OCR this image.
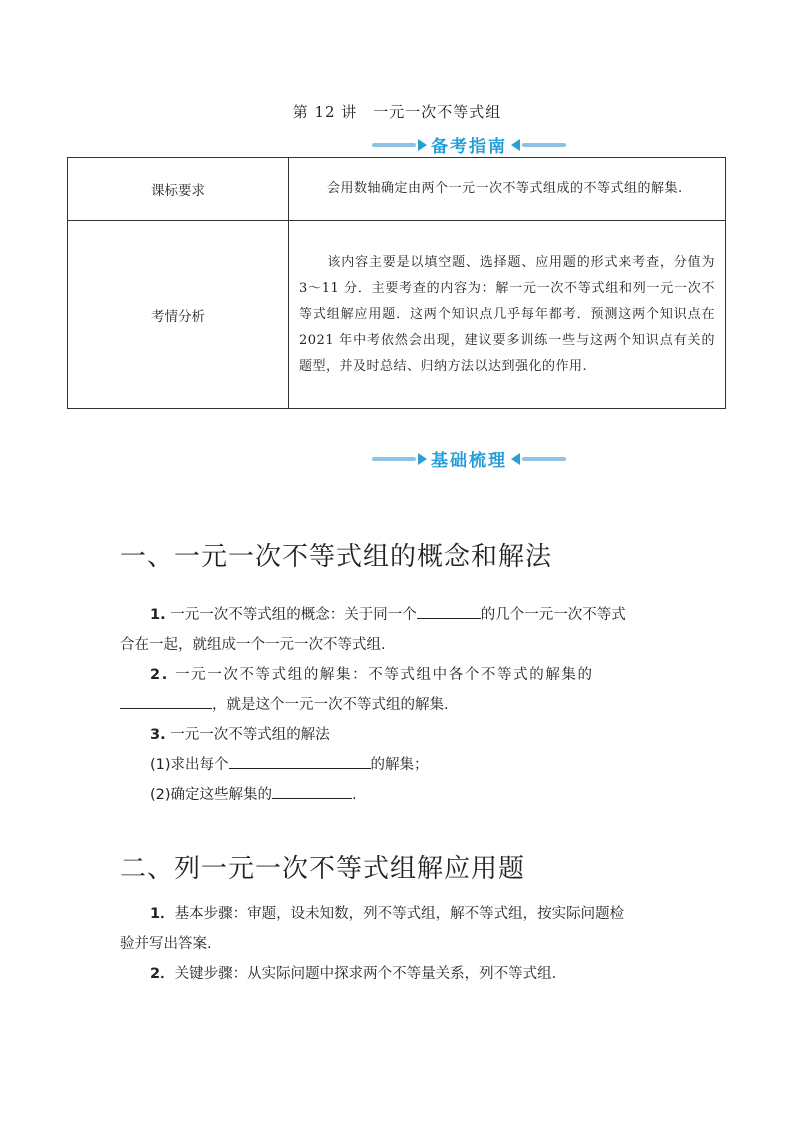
第 12 讲　一元一次不等式组
备考指南
课标要求	会用数轴确定由两个一元一次不等式组成的不等式组的解集.
考情分析	该内容主要是以填空题、选择题、应用题的形式来考查，分值为 3～11 分．主要考查的内容为：解一元一次不等式组和列一元一次不等式组解应用题．这两个知识点几乎每年都考．预测这两个知识点在 2021 年中考依然会出现，建议要多训练一些与这两个知识点有关的题型，并及时总结、归纳方法以达到强化的作用.
基础梳理
一、一元一次不等式组的概念和解法
1. 一元一次不等式组的概念：关于同一个	的几个一元一次不等式
合在一起，就组成一个一元一次不等式组.
2. 一元一次不等式组的解集：不等式组中各个不等式的解集的
，就是这个一元一次不等式组的解集.
3. 一元一次不等式组的解法
(1)求出每个	的解集；
(2)确定这些解集的	.
二、列一元一次不等式组解应用题
1．基本步骤：审题，设未知数，列不等式组，解不等式组，按实际问题检
验并写出答案.
2．关键步骤：从实际问题中探求两个不等量关系，列不等式组.
